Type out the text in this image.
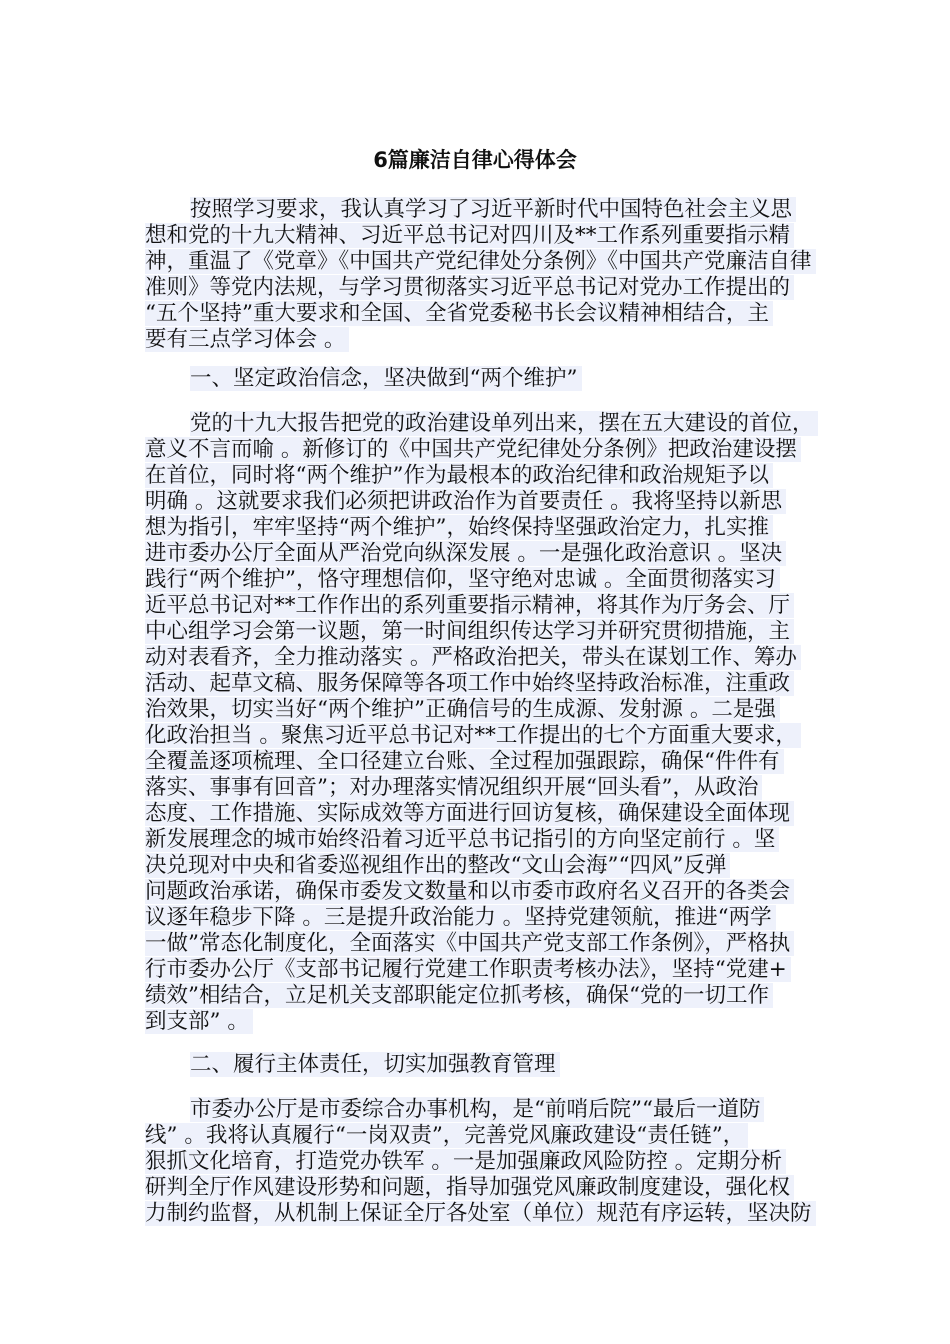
6篇廉洁自律心得体会

按照学习要求，我认真学习了习近平新时代中国特色社会主义思

想和党的十九大精神、习近平总书记对四川及**工作系列重要指示精

神，重温了《党章》《中国共产党纪律处分条例》《中国共产党廉洁自律

准则》等党内法规，与学习贯彻落实习近平总书记对党办工作提出的

“五个坚持”重大要求和全国、全省党委秘书长会议精神相结合，主

要有三点学习体会 。

一、坚定政治信念，坚决做到“两个维护”

党的十九大报告把党的政治建设单列出来，摆在五大建设的首位，

意义不言而喻 。新修订的《中国共产党纪律处分条例》把政治建设摆

在首位，同时将“两个维护”作为最根本的政治纪律和政治规矩予以

明确 。这就要求我们必须把讲政治作为首要责任 。我将坚持以新思

想为指引，牢牢坚持“两个维护”，始终保持坚强政治定力，扎实推

进市委办公厅全面从严治党向纵深发展 。一是强化政治意识 。坚决

践行“两个维护”，恪守理想信仰，坚守绝对忠诚 。全面贯彻落实习

近平总书记对**工作作出的系列重要指示精神，将其作为厅务会、厅

中心组学习会第一议题，第一时间组织传达学习并研究贯彻措施，主

动对表看齐，全力推动落实 。严格政治把关，带头在谋划工作、筹办

活动、起草文稿、服务保障等各项工作中始终坚持政治标准，注重政

治效果，切实当好“两个维护”正确信号的生成源、发射源 。二是强

化政治担当 。聚焦习近平总书记对**工作提出的七个方面重大要求，

全覆盖逐项梳理、全口径建立台账、全过程加强跟踪，确保“件件有

落实、事事有回音”；对办理落实情况组织开展“回头看”，从政治

态度、工作措施、实际成效等方面进行回访复核，确保建设全面体现

新发展理念的城市始终沿着习近平总书记指引的方向坚定前行 。坚

决兑现对中央和省委巡视组作出的整改“文山会海”“四风”反弹

问题政治承诺，确保市委发文数量和以市委市政府名义召开的各类会

议逐年稳步下降 。三是提升政治能力 。坚持党建领航，推进“两学

一做”常态化制度化，全面落实《中国共产党支部工作条例》，严格执

行市委办公厅《支部书记履行党建工作职责考核办法》，坚持“党建+

绩效”相结合，立足机关支部职能定位抓考核，确保“党的一切工作

到支部” 。

二、履行主体责任，切实加强教育管理

市委办公厅是市委综合办事机构，是“前哨后院”“最后一道防

线” 。我将认真履行“一岗双责”，完善党风廉政建设“责任链”，

狠抓文化培育，打造党办铁军 。一是加强廉政风险防控 。定期分析

研判全厅作风建设形势和问题，指导加强党风廉政制度建设，强化权

力制约监督，从机制上保证全厅各处室（单位）规范有序运转，坚决防
